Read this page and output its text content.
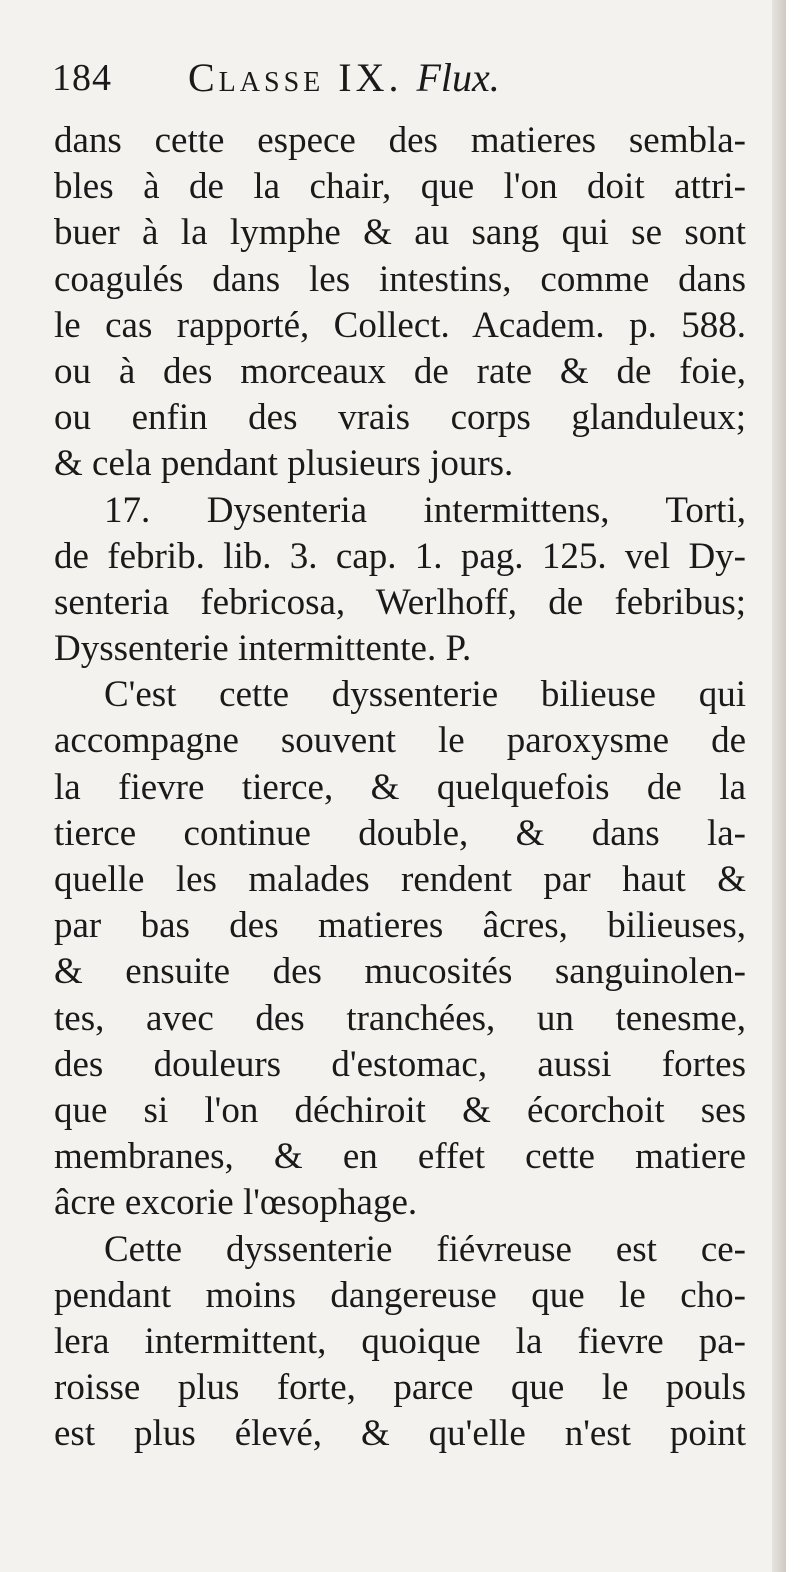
184 Classe IX. Flux.
dans cette espece des matieres sembla-
bles à de la chair, que l'on doit attri-
buer à la lymphe & au sang qui se sont
coagulés dans les intestins, comme dans
le cas rapporté, Collect. Academ. p. 588.
ou à des morceaux de rate & de foie,
ou enfin des vrais corps glanduleux;
& cela pendant plusieurs jours.
17. Dysenteria intermittens, Torti,
de febrib. lib. 3. cap. 1. pag. 125. vel Dy-
senteria febricosa, Werlhoff, de febribus;
Dyssenterie intermittente. P.
C'est cette dyssenterie bilieuse qui
accompagne souvent le paroxysme de
la fievre tierce, & quelquefois de la
tierce continue double, & dans la-
quelle les malades rendent par haut &
par bas des matieres âcres, bilieuses,
& ensuite des mucosités sanguinolen-
tes, avec des tranchées, un tenesme,
des douleurs d'estomac, aussi fortes
que si l'on déchiroit & écorchoit ses
membranes, & en effet cette matiere
âcre excorie l'œsophage.
Cette dyssenterie fiévreuse est ce-
pendant moins dangereuse que le cho-
lera intermittent, quoique la fievre pa-
roisse plus forte, parce que le pouls
est plus élevé, & qu'elle n'est point
